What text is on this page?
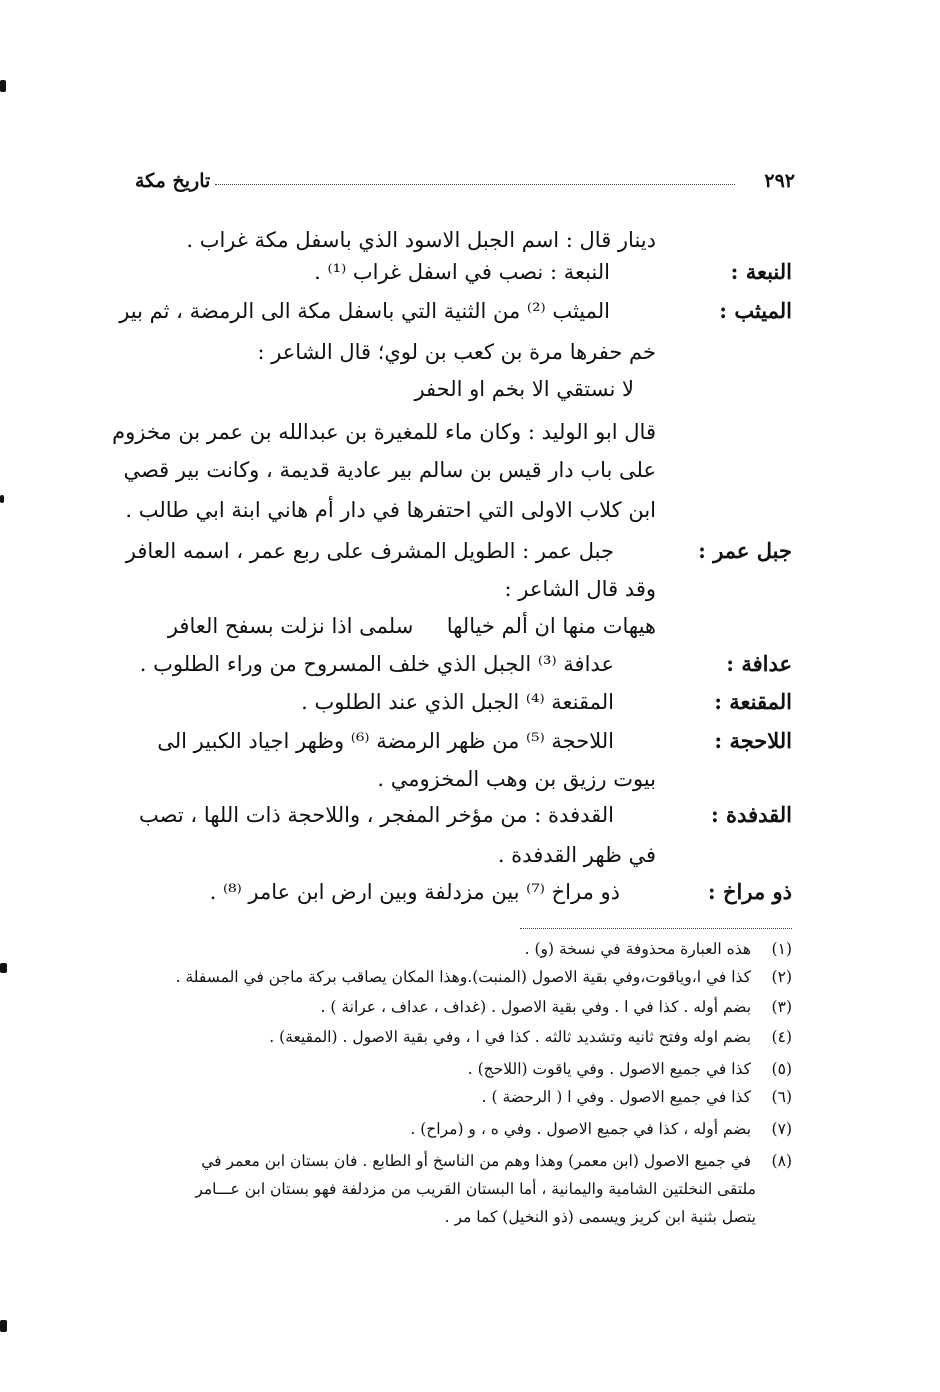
٢٩٢
تاريخ مكة
النبعة :
الميثب :
جبل عمر :
عدافة :
المقنعة :
اللاحجة :
القدفدة :
ذو مراخ :
دينار قال : اسم الجبل الاسود الذي باسفل مكة غراب .
النبعة : نصب في اسفل غراب ⁽¹⁾ .
الميثب ⁽²⁾ من الثنية التي باسفل مكة الى الرمضة ، ثم بير
خم حفرها مرة بن كعب بن لوي؛ قال الشاعر :
لا نستقي الا بخم او الحفر
قال ابو الوليد : وكان ماء للمغيرة بن عبدالله بن عمر بن مخزوم
على باب دار قيس بن سالم بير عادية قديمة ، وكانت بير قصي
ابن كلاب الاولى التي احتفرها في دار أم هاني ابنة ابي طالب .
جبل عمر : الطويل المشرف على ربع عمر ، اسمه العافر
وقد قال الشاعر :
هيهات منها ان ألم خيالها     سلمى اذا نزلت بسفح العافر
عدافة ⁽³⁾ الجبل الذي خلف المسروح من وراء الطلوب .
المقنعة ⁽⁴⁾ الجبل الذي عند الطلوب .
اللاحجة ⁽⁵⁾ من ظهر الرمضة ⁽⁶⁾ وظهر اجياد الكبير الى
بيوت رزيق بن وهب المخزومي .
القدفدة : من مؤخر المفجر ، واللاحجة ذات اللها ، تصب
في ظهر القدفدة .
ذو مراخ ⁽⁷⁾ بين مزدلفة وبين ارض ابن عامر ⁽⁸⁾ .
(١) هذه العبارة محذوفة في نسخة (و) .
(٢) كذا في ا،وياقوت،وفي بقية الاصول (المنبت).وهذا المكان يصاقب بركة ماجن في المسفلة .
(٣) بضم أوله . كذا في ا . وفي بقية الاصول . (غداف ، عداف ، عرانة ) .
(٤) بضم اوله وفتح ثانيه وتشديد ثالثه . كذا في ا ، وفي بقية الاصول . (المقيعة) .
(٥) كذا في جميع الاصول . وفي ياقوت (اللاحج) .
(٦) كذا في جميع الاصول . وفي ا ( الرحضة ) .
(٧) بضم أوله ، كذا في جميع الاصول . وفي ه ، و (مراح) .
(٨) في جميع الاصول (ابن معمر) وهذا وهم من الناسخ أو الطابع . فان بستان ابن معمر في
ملتقى النخلتين الشامية واليمانية ، أما البستان القريب من مزدلفة فهو بستان ابن عـــامر
يتصل بثنية ابن كريز ويسمى (ذو النخيل) كما مر .
